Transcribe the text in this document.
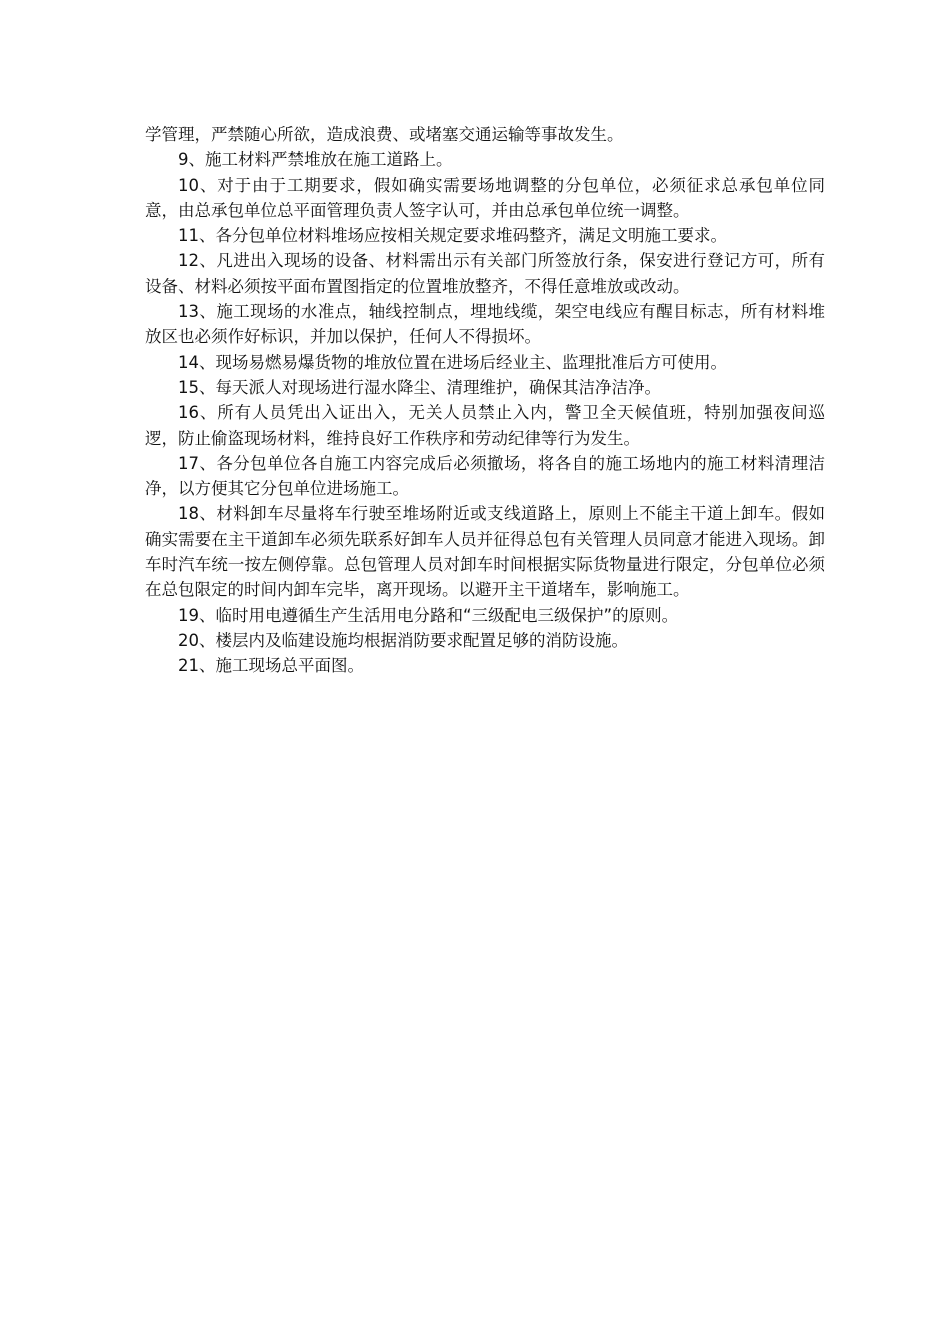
学管理，严禁随心所欲，造成浪费、或堵塞交通运输等事故发生。

9、施工材料严禁堆放在施工道路上。

10、对于由于工期要求，假如确实需要场地调整的分包单位，必须征求总承包单位同意，由总承包单位总平面管理负责人签字认可，并由总承包单位统一调整。

11、各分包单位材料堆场应按相关规定要求堆码整齐，满足文明施工要求。

12、凡进出入现场的设备、材料需出示有关部门所签放行条，保安进行登记方可，所有设备、材料必须按平面布置图指定的位置堆放整齐，不得任意堆放或改动。

13、施工现场的水准点，轴线控制点，埋地线缆，架空电线应有醒目标志，所有材料堆放区也必须作好标识，并加以保护，任何人不得损坏。

14、现场易燃易爆货物的堆放位置在进场后经业主、监理批准后方可使用。

15、每天派人对现场进行湿水降尘、清理维护，确保其洁净洁净。

16、所有人员凭出入证出入，无关人员禁止入内，警卫全天候值班，特别加强夜间巡逻，防止偷盗现场材料，维持良好工作秩序和劳动纪律等行为发生。

17、各分包单位各自施工内容完成后必须撤场，将各自的施工场地内的施工材料清理洁净，以方便其它分包单位进场施工。

18、材料卸车尽量将车行驶至堆场附近或支线道路上，原则上不能主干道上卸车。假如确实需要在主干道卸车必须先联系好卸车人员并征得总包有关管理人员同意才能进入现场。卸车时汽车统一按左侧停靠。总包管理人员对卸车时间根据实际货物量进行限定，分包单位必须在总包限定的时间内卸车完毕，离开现场。以避开主干道堵车，影响施工。

19、临时用电遵循生产生活用电分路和“三级配电三级保护”的原则。

20、楼层内及临建设施均根据消防要求配置足够的消防设施。

21、施工现场总平面图。
